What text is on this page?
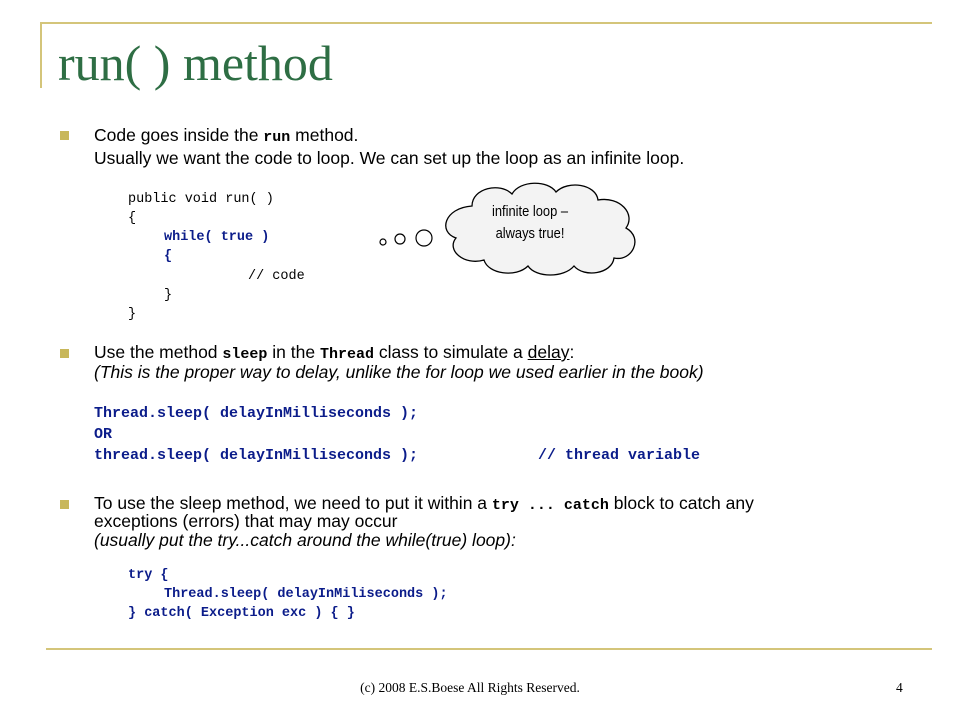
run( ) method
Code goes inside the run method.
Usually we want the code to loop. We can set up the loop as an infinite loop.
public void run( )
{
while( true )
{
// code
}
}
infinite loop –
always true!
Use the method sleep in the Thread class to simulate a delay:
(This is the proper way to delay, unlike the for loop we used earlier in the book)
Thread.sleep( delayInMilliseconds );
OR
thread.sleep( delayInMilliseconds );	// thread variable
To use the sleep method, we need to put it within a try ... catch block to catch any
exceptions (errors) that may may occur
(usually put the try...catch around the while(true) loop):
try {
Thread.sleep( delayInMiliseconds );
} catch( Exception exc ) { }
(c) 2008 E.S.Boese All Rights Reserved.	4
